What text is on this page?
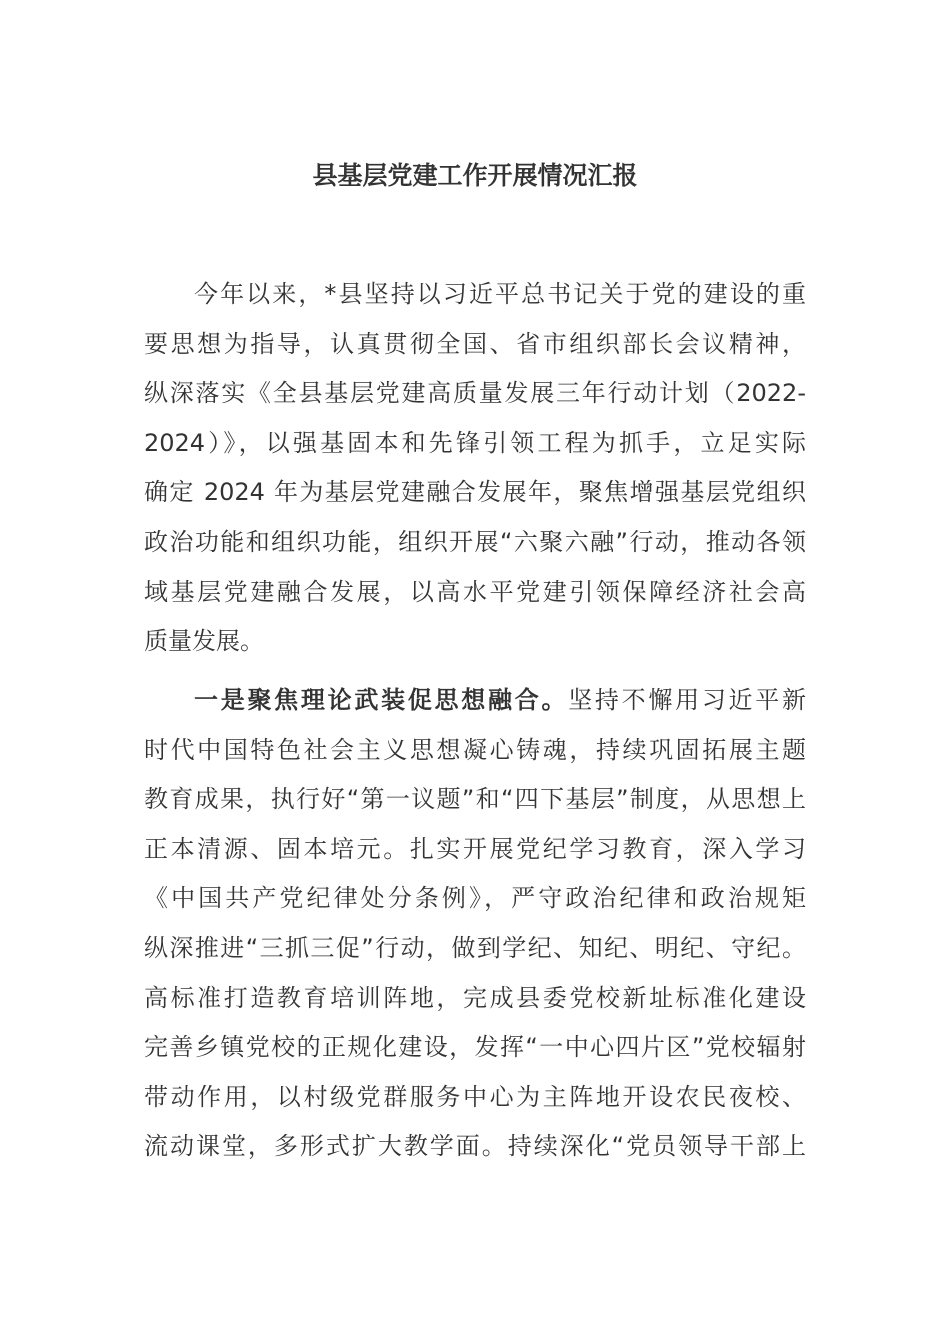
县基层党建工作开展情况汇报
今年以来，*县坚持以习近平总书记关于党的建设的重
要思想为指导，认真贯彻全国、省市组织部长会议精神，
纵深落实《全县基层党建高质量发展三年行动计划（2022-
2024）》，以强基固本和先锋引领工程为抓手，立足实际
确定 2024 年为基层党建融合发展年，聚焦增强基层党组织
政治功能和组织功能，组织开展“六聚六融”行动，推动各领
域基层党建融合发展，以高水平党建引领保障经济社会高
质量发展。
一是聚焦理论武装促思想融合。坚持不懈用习近平新
时代中国特色社会主义思想凝心铸魂，持续巩固拓展主题
教育成果，执行好“第一议题”和“四下基层”制度，从思想上
正本清源、固本培元。扎实开展党纪学习教育，深入学习
《中国共产党纪律处分条例》，严守政治纪律和政治规矩
纵深推进“三抓三促”行动，做到学纪、知纪、明纪、守纪。
高标准打造教育培训阵地，完成县委党校新址标准化建设
完善乡镇党校的正规化建设，发挥“一中心四片区”党校辐射
带动作用，以村级党群服务中心为主阵地开设农民夜校、
流动课堂，多形式扩大教学面。持续深化“党员领导干部上
